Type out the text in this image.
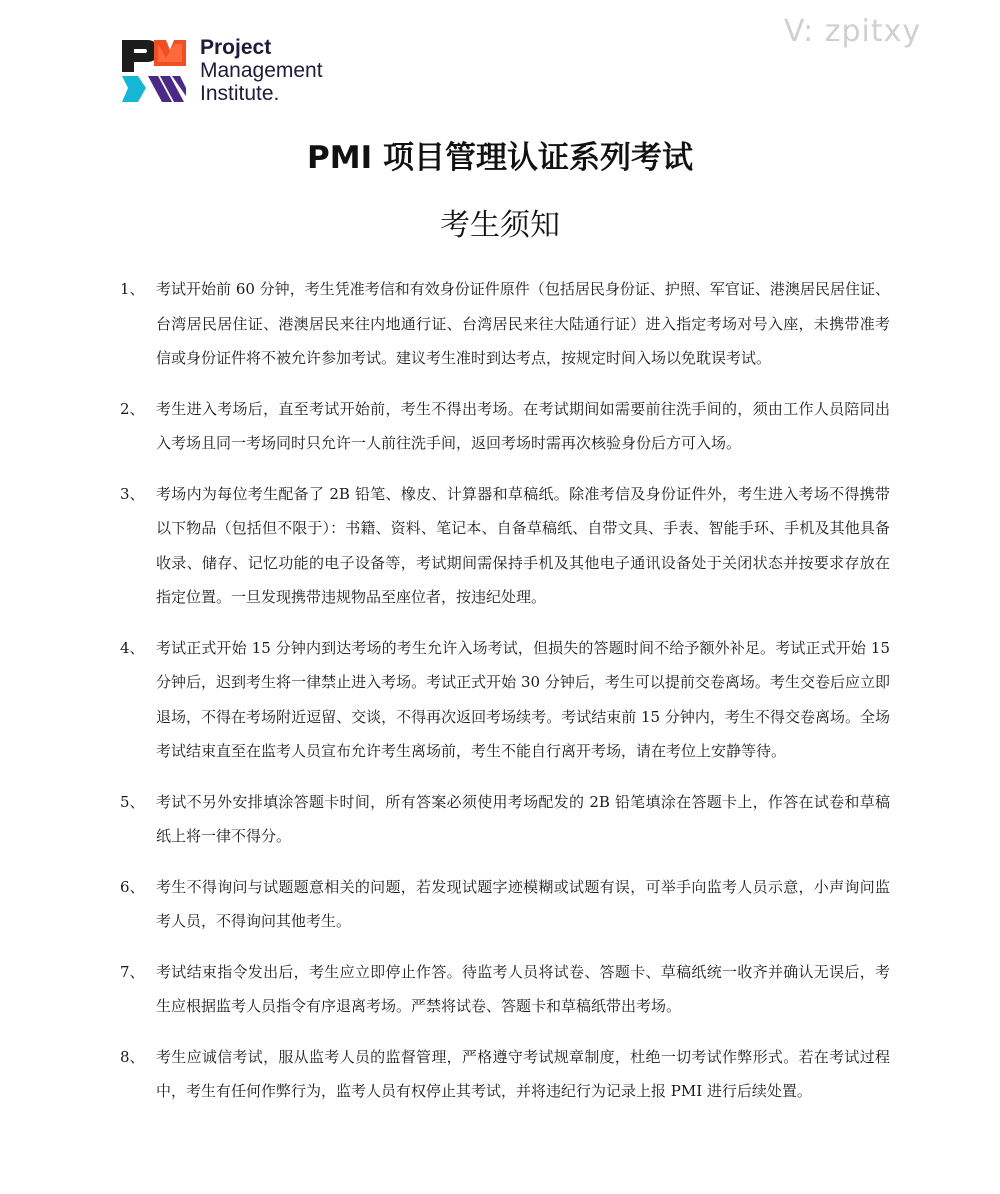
V: zpitxy
Project
Management
Institute.
PMI 项目管理认证系列考试
考生须知
1、 考试开始前 60 分钟，考生凭准考信和有效身份证件原件（包括居民身份证、护照、军官证、港澳居民居住证、台湾居民居住证、港澳居民来往内地通行证、台湾居民来往大陆通行证）进入指定考场对号入座，未携带准考信或身份证件将不被允许参加考试。建议考生准时到达考点，按规定时间入场以免耽误考试。
2、 考生进入考场后，直至考试开始前，考生不得出考场。在考试期间如需要前往洗手间的，须由工作人员陪同出入考场且同一考场同时只允许一人前往洗手间，返回考场时需再次核验身份后方可入场。
3、 考场内为每位考生配备了 2B 铅笔、橡皮、计算器和草稿纸。除准考信及身份证件外，考生进入考场不得携带以下物品（包括但不限于）：书籍、资料、笔记本、自备草稿纸、自带文具、手表、智能手环、手机及其他具备收录、储存、记忆功能的电子设备等，考试期间需保持手机及其他电子通讯设备处于关闭状态并按要求存放在指定位置。一旦发现携带违规物品至座位者，按违纪处理。
4、 考试正式开始 15 分钟内到达考场的考生允许入场考试，但损失的答题时间不给予额外补足。考试正式开始 15 分钟后，迟到考生将一律禁止进入考场。考试正式开始 30 分钟后，考生可以提前交卷离场。考生交卷后应立即退场，不得在考场附近逗留、交谈，不得再次返回考场续考。考试结束前 15 分钟内，考生不得交卷离场。全场考试结束直至在监考人员宣布允许考生离场前，考生不能自行离开考场，请在考位上安静等待。
5、 考试不另外安排填涂答题卡时间，所有答案必须使用考场配发的 2B 铅笔填涂在答题卡上，作答在试卷和草稿纸上将一律不得分。
6、 考生不得询问与试题题意相关的问题，若发现试题字迹模糊或试题有误，可举手向监考人员示意，小声询问监考人员，不得询问其他考生。
7、 考试结束指令发出后，考生应立即停止作答。待监考人员将试卷、答题卡、草稿纸统一收齐并确认无误后，考生应根据监考人员指令有序退离考场。严禁将试卷、答题卡和草稿纸带出考场。
8、 考生应诚信考试，服从监考人员的监督管理，严格遵守考试规章制度，杜绝一切考试作弊形式。若在考试过程中，考生有任何作弊行为，监考人员有权停止其考试，并将违纪行为记录上报 PMI 进行后续处置。
